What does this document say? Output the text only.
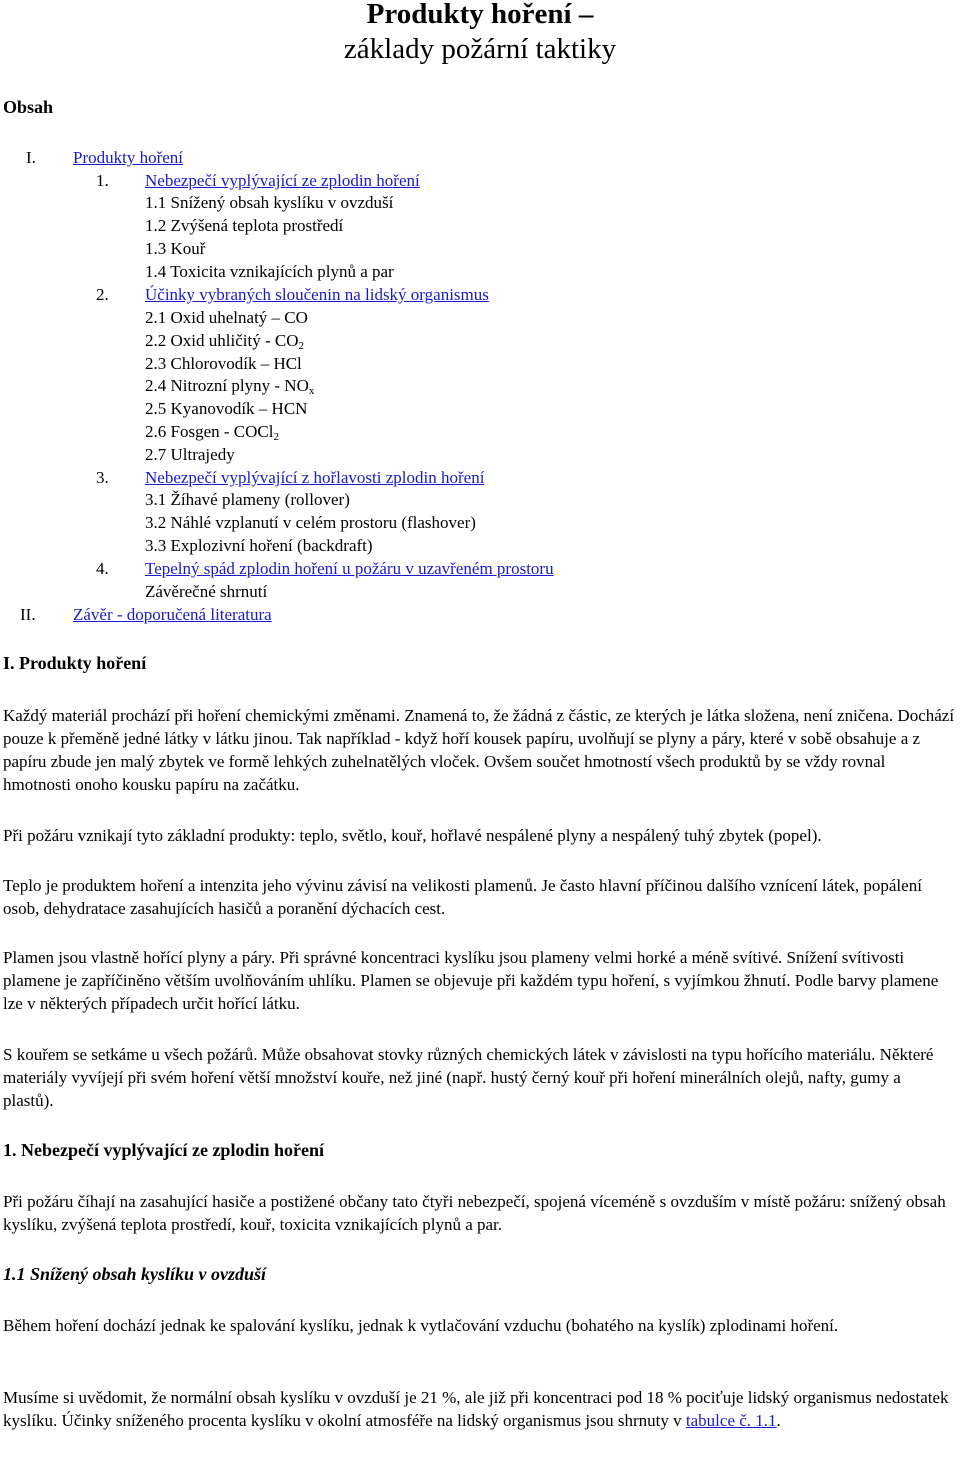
Produkty hoření –
základy požární taktiky
Obsah
I. Produkty hoření
1. Nebezpečí vyplývající ze zplodin hoření
1.1 Snížený obsah kyslíku v ovzduší
1.2 Zvýšená teplota prostředí
1.3 Kouř
1.4 Toxicita vznikajících plynů a par
2. Účinky vybraných sloučenin na lidský organismus
2.1 Oxid uhelnatý – CO
2.2 Oxid uhličitý - $CO_2$
2.3 Chlorovodík – HCl
2.4 Nitrozní plyny - $NO_x$
2.5 Kyanovodík – HCN
2.6 Fosgen - COCl$_2$
2.7 Ultrajedy
3. Nebezpečí vyplývající z hořlavosti zplodin hoření
3.1 Žíhavé plameny (rollover)
3.2 Náhlé vzplanutí v celém prostoru (flashover)
3.3 Explozivní hoření (backdraft)
4. Tepelný spád zplodin hoření u požáru v uzavřeném prostoru
Závěrečné shrnutí
II. Závěr - doporučená literatura
I. Produkty hoření

Každý materiál prochází při hoření chemickými změnami. Znamená to, že žádná z částic, ze kterých je látka složena, není zničena. Dochází pouze k přeměně jedné látky v látku jinou. Tak například - když hoří kousek papíru, uvolňují se plyny a páry, které v sobě obsahuje a z papíru zbude jen malý zbytek ve formě lehkých zuhelnatělých vloček. Ovšem součet hmotností všech produktů by se vždy rovnal hmotnosti onoho kousku papíru na začátku.

Při požáru vznikají tyto základní produkty: teplo, světlo, kouř, hořlavé nespálené plyny a nespálený tuhý zbytek (popel).

Teplo je produktem hoření a intenzita jeho vývinu závisí na velikosti plamenů. Je často hlavní příčinou dalšího vznícení látek, popálení osob, dehydratace zasahujících hasičů a poranění dýchacích cest.

Plamen jsou vlastně hořící plyny a páry. Při správné koncentraci kyslíku jsou plameny velmi horké a méně svítivé. Snížení svítivosti plamene je zapříčiněno větším uvolňováním uhlíku. Plamen se objevuje při každém typu hoření, s vyjímkou žhnutí. Podle barvy plamene lze v některých případech určit hořící látku.

S kouřem se setkáme u všech požárů. Může obsahovat stovky různých chemických látek v závislosti na typu hořícího materiálu. Některé materiály vyvíjejí při svém hoření větší množství kouře, než jiné (např. hustý černý kouř při hoření minerálních olejů, nafty, gumy a plastů).

1. Nebezpečí vyplývající ze zplodin hoření

Při požáru číhají na zasahující hasiče a postižené občany tato čtyři nebezpečí, spojená víceméně s ovzduším v místě požáru: snížený obsah kyslíku, zvýšená teplota prostředí, kouř, toxicita vznikajících plynů a par.

1.1 Snížený obsah kyslíku v ovzduší

Během hoření dochází jednak ke spalování kyslíku, jednak k vytlačování vzduchu (bohatého na kyslík) zplodinami hoření.

Musíme si uvědomit, že normální obsah kyslíku v ovzduší je 21 %, ale již při koncentraci pod 18 % pociťuje lidský organismus nedostatek kyslíku. Účinky sníženého procenta kyslíku v okolní atmosféře na lidský organismus jsou shrnuty v tabulce č. 1.1.
